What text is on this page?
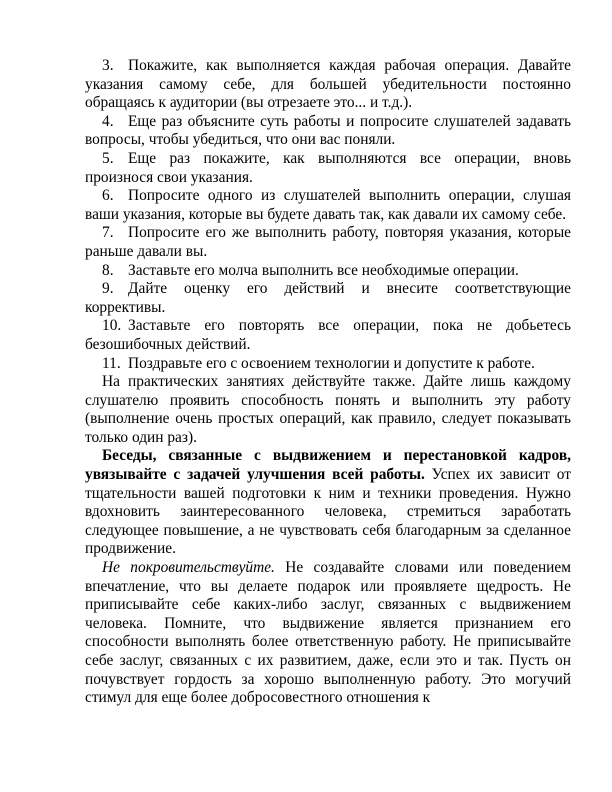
3. Покажите, как выполняется каждая рабочая операция. Давайте указания самому себе, для большей убедительности постоянно обращаясь к аудитории (вы отрезаете это... и т.д.).

4. Еще раз объясните суть работы и попросите слушателей задавать вопросы, чтобы убедиться, что они вас поняли.

5. Еще раз покажите, как выполняются все операции, вновь произнося свои указания.

6. Попросите одного из слушателей выполнить операции, слушая ваши указания, которые вы будете давать так, как давали их самому себе.

7. Попросите его же выполнить работу, повторяя указания, которые раньше давали вы.

8. Заставьте его молча выполнить все необходимые операции.

9. Дайте оценку его действий и внесите соответствующие коррективы.

10. Заставьте его повторять все операции, пока не добьетесь безошибочных действий.

11. Поздравьте его с освоением технологии и допустите к работе.

На практических занятиях действуйте также. Дайте лишь каждому слушателю проявить способность понять и выполнить эту работу (выполнение очень простых операций, как правило, следует показывать только один раз).

Беседы, связанные с выдвижением и перестановкой кадров, увязывайте с задачей улучшения всей работы. Успех их зависит от тщательности вашей подготовки к ним и техники проведения. Нужно вдохновить заинтересованного человека, стремиться заработать следующее повышение, а не чувствовать себя благодарным за сделанное продвижение.

Не покровительствуйте. Не создавайте словами или поведением впечатление, что вы делаете подарок или проявляете щедрость. Не приписывайте себе каких-либо заслуг, связанных с выдвижением человека. Помните, что выдвижение является признанием его способности выполнять более ответственную работу. Не приписывайте себе заслуг, связанных с их развитием, даже, если это и так. Пусть он почувствует гордость за хорошо выполненную работу. Это могучий стимул для еще более добросовестного отношения к
